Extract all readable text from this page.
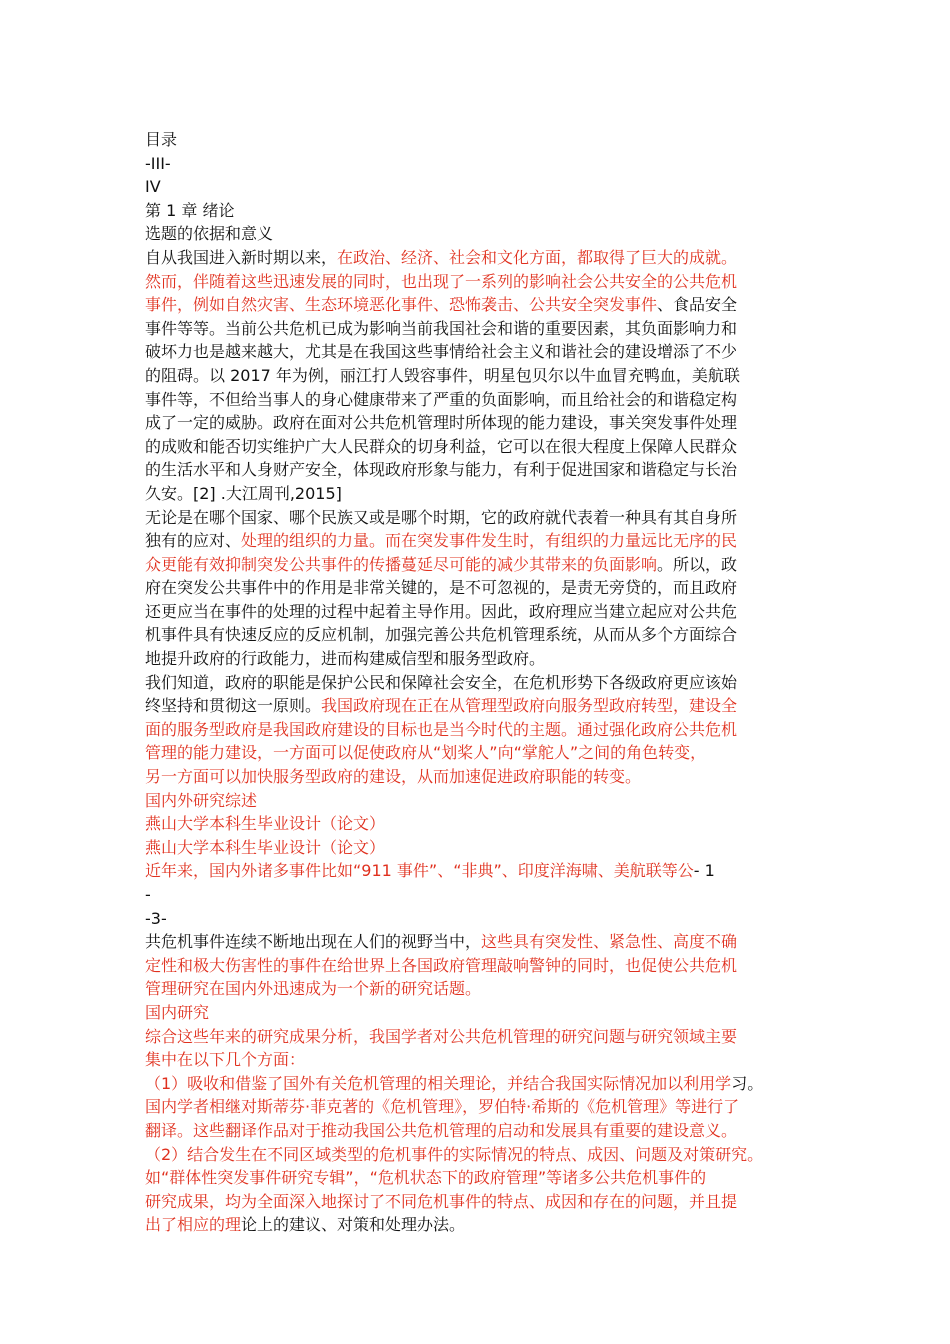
目录
-III-
IV
第 1 章 绪论
选题的依据和意义
自从我国进入新时期以来，在政治、经济、社会和文化方面，都取得了巨大的成就。
然而，伴随着这些迅速发展的同时，也出现了一系列的影响社会公共安全的公共危机
事件，例如自然灾害、生态环境恶化事件、恐怖袭击、公共安全突发事件、食品安全
事件等等。当前公共危机已成为影响当前我国社会和谐的重要因素，其负面影响力和
破坏力也是越来越大，尤其是在我国这些事情给社会主义和谐社会的建设增添了不少
的阻碍。以 2017 年为例，丽江打人毁容事件，明星包贝尔以牛血冒充鸭血，美航联
事件等，不但给当事人的身心健康带来了严重的负面影响，而且给社会的和谐稳定构
成了一定的威胁。政府在面对公共危机管理时所体现的能力建设，事关突发事件处理
的成败和能否切实维护广大人民群众的切身利益，它可以在很大程度上保障人民群众
的生活水平和人身财产安全，体现政府形象与能力，有利于促进国家和谐稳定与长治
久安。[2] .大江周刊,2015]
无论是在哪个国家、哪个民族又或是哪个时期，它的政府就代表着一种具有其自身所
独有的应对、处理的组织的力量。而在突发事件发生时，有组织的力量远比无序的民
众更能有效抑制突发公共事件的传播蔓延尽可能的减少其带来的负面影响。所以，政
府在突发公共事件中的作用是非常关键的，是不可忽视的，是责无旁贷的，而且政府
还更应当在事件的处理的过程中起着主导作用。因此，政府理应当建立起应对公共危
机事件具有快速反应的反应机制，加强完善公共危机管理系统，从而从多个方面综合
地提升政府的行政能力，进而构建威信型和服务型政府。
我们知道，政府的职能是保护公民和保障社会安全，在危机形势下各级政府更应该始
终坚持和贯彻这一原则。我国政府现在正在从管理型政府向服务型政府转型，建设全
面的服务型政府是我国政府建设的目标也是当今时代的主题。通过强化政府公共危机
管理的能力建设，一方面可以促使政府从“划桨人”向“掌舵人”之间的角色转变，
另一方面可以加快服务型政府的建设，从而加速促进政府职能的转变。
国内外研究综述
燕山大学本科生毕业设计（论文）
燕山大学本科生毕业设计（论文）
近年来，国内外诸多事件比如“911 事件”、“非典”、印度洋海啸、美航联等公- 1
-
-3-
共危机事件连续不断地出现在人们的视野当中，这些具有突发性、紧急性、高度不确
定性和极大伤害性的事件在给世界上各国政府管理敲响警钟的同时，也促使公共危机
管理研究在国内外迅速成为一个新的研究话题。
国内研究
综合这些年来的研究成果分析，我国学者对公共危机管理的研究问题与研究领域主要
集中在以下几个方面：
（1）吸收和借鉴了国外有关危机管理的相关理论，并结合我国实际情况加以利用学习。
国内学者相继对斯蒂芬·菲克著的《危机管理》，罗伯特·希斯的《危机管理》等进行了
翻译。这些翻译作品对于推动我国公共危机管理的启动和发展具有重要的建设意义。
（2）结合发生在不同区域类型的危机事件的实际情况的特点、成因、问题及对策研究。
如“群体性突发事件研究专辑”，“危机状态下的政府管理”等诸多公共危机事件的
研究成果，均为全面深入地探讨了不同危机事件的特点、成因和存在的问题，并且提
出了相应的理论上的建议、对策和处理办法。
